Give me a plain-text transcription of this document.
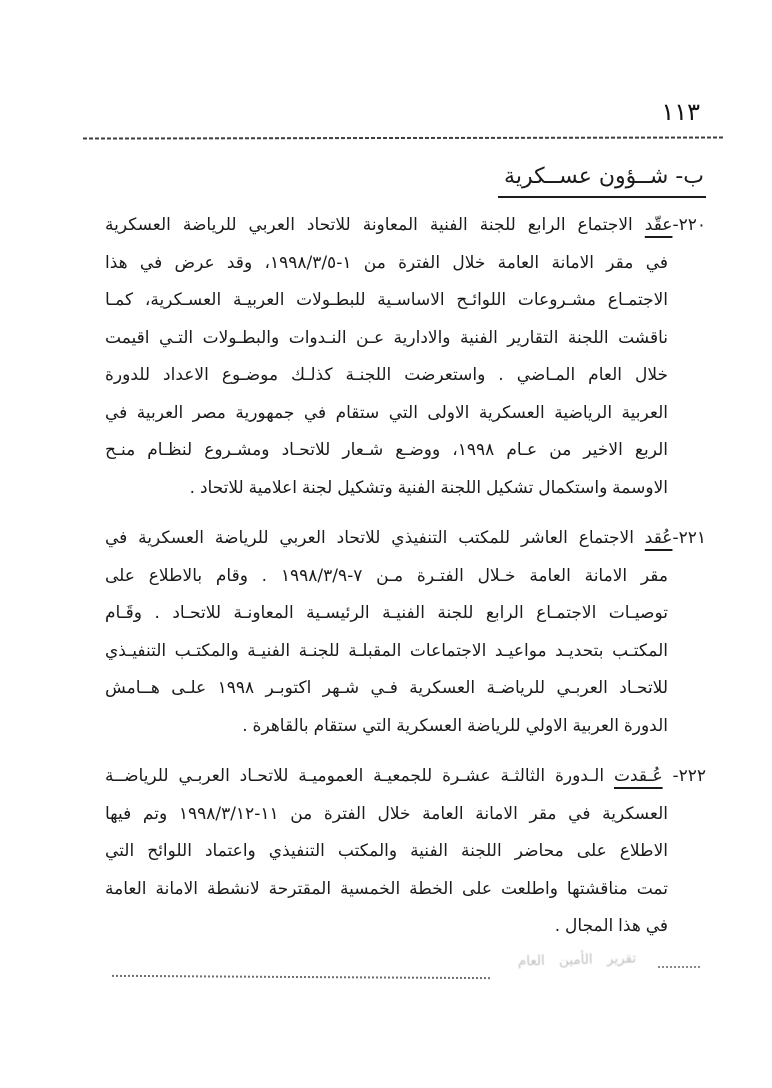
١١٣
ب- شــؤون عســكرية
٢٢٠-عقّد الاجتماع الرابع للجنة الفنية المعاونة للاتحاد العربي للرياضة العسكرية
في مقر الامانة العامة خلال الفترة من ١-١٩٩٨/٣/٥، وقد عرض في هذا
الاجتمـاع مشـروعات اللوائـح الاساسـية للبطـولات العربيـة العسـكرية، كمـا
ناقشت اللجنة التقارير الفنية والادارية عـن النـدوات والبطـولات التـي اقيمت
خلال العام المـاضي . واستعرضت اللجنـة كذلـك موضـوع الاعداد للدورة
العربية الرياضية العسكرية الاولى التي ستقام في جمهورية مصر العربية في
الربع الاخير من عـام ١٩٩٨، ووضـع شـعار للاتحـاد ومشـروع لنظـام منـح
الاوسمة واستكمال تشكيل اللجنة الفنية وتشكيل لجنة اعلامية للاتحاد .
٢٢١-عُقد الاجتماع العاشر للمكتب التنفيذي للاتحاد العربي للرياضة العسكرية في
مقر الامانة العامة خـلال الفتـرة مـن ٧-١٩٩٨/٣/٩ . وقام بالاطلاع على
توصيـات الاجتمـاع الرابع للجنة الفنيـة الرئيسـية المعاونـة للاتحـاد . وقَـام
المكتـب بتحديـد مواعيـد الاجتماعات المقبلـة للجنـة الفنيـة والمكتـب التنفيـذي
للاتحـاد العربـي للرياضـة العسكرية فـي شـهر اكتوبـر ١٩٩٨ علـى هــامش
الدورة العربية الاولي للرياضة العسكرية التي ستقام بالقاهرة .
٢٢٢- عُـقدت الـدورة الثالثـة عشـرة للجمعيـة العموميـة للاتحـاد العربـي للرياضــة
العسكرية في مقر الامانة العامة خلال الفترة من ١١-١٩٩٨/٣/١٢ وتم فيها
الاطلاع على محاضر اللجنة الفنية والمكتب التنفيذي واعتماد اللوائح التي
تمت مناقشتها واطلعت على الخطة الخمسية المقترحة لانشطة الامانة العامة
في هذا المجال .
تقرير الأمين العام
